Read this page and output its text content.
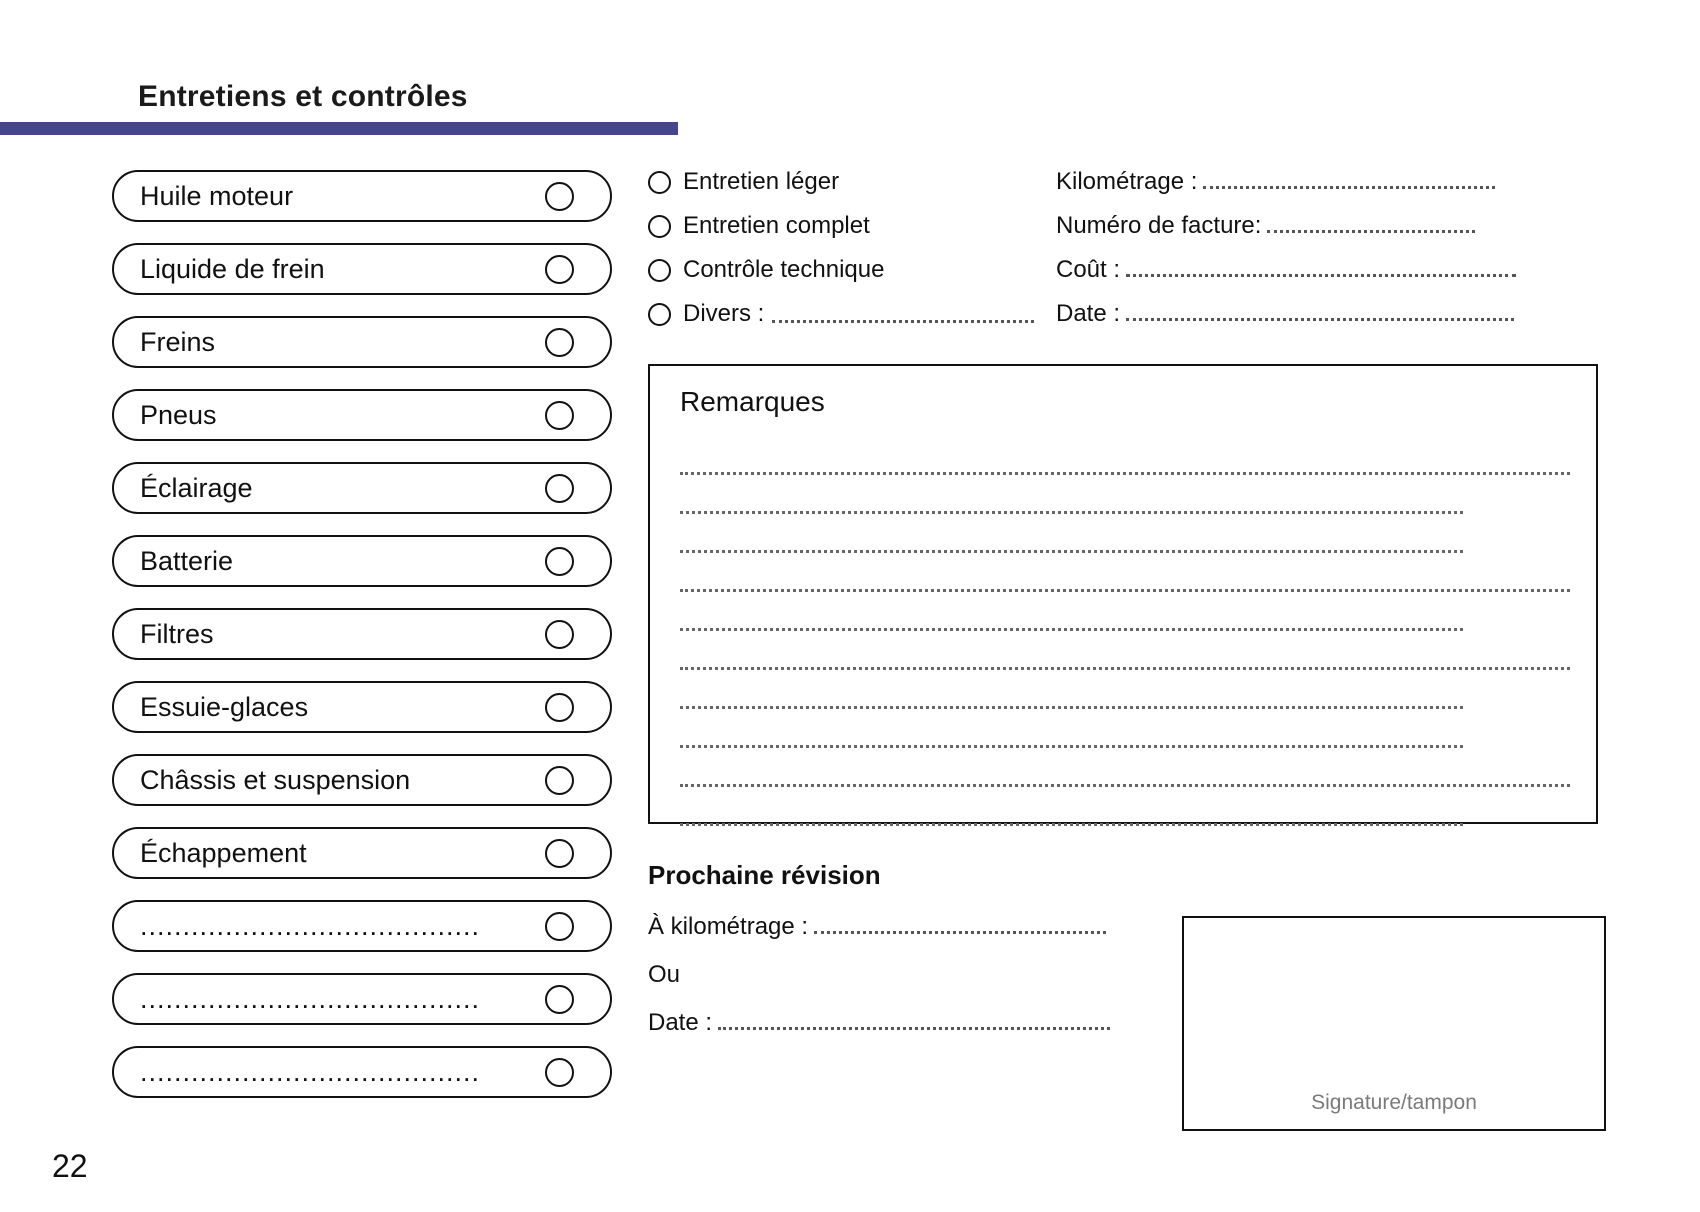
Entretiens et contrôles
Huile moteur
Liquide de frein
Freins
Pneus
Éclairage
Batterie
Filtres
Essuie-glaces
Châssis et suspension
Échappement
........................................
........................................
........................................
Entretien léger
Entretien complet
Contrôle technique
Divers :
Kilométrage :
Numéro de facture:
Coût :
Date :
Remarques
Prochaine révision
À kilométrage :
Ou
Date :
Signature/tampon
22
